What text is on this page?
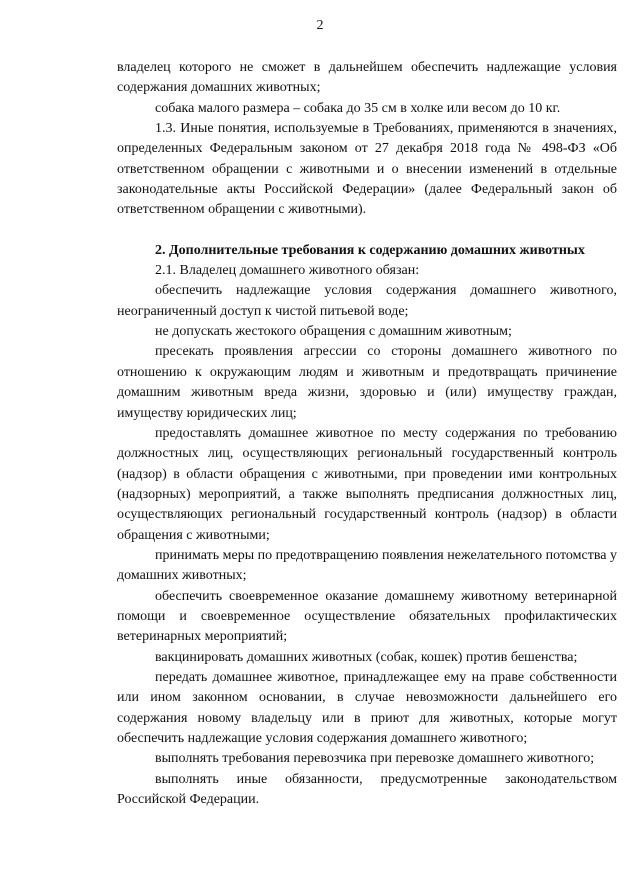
2

владелец которого не сможет в дальнейшем обеспечить надлежащие условия содержания домашних животных;

собака малого размера – собака до 35 см в холке или весом до 10 кг.

1.3. Иные понятия, используемые в Требованиях, применяются в значениях, определенных Федеральным законом от 27 декабря 2018 года № 498-ФЗ «Об ответственном обращении с животными и о внесении изменений в отдельные законодательные акты Российской Федерации» (далее Федеральный закон об ответственном обращении с животными).

2. Дополнительные требования к содержанию домашних животных

2.1. Владелец домашнего животного обязан:

обеспечить надлежащие условия содержания домашнего животного, неограниченный доступ к чистой питьевой воде;

не допускать жестокого обращения с домашним животным;

пресекать проявления агрессии со стороны домашнего животного по отношению к окружающим людям и животным и предотвращать причинение домашним животным вреда жизни, здоровью и (или) имуществу граждан, имуществу юридических лиц;

предоставлять домашнее животное по месту содержания по требованию должностных лиц, осуществляющих региональный государственный контроль (надзор) в области обращения с животными, при проведении ими контрольных (надзорных) мероприятий, а также выполнять предписания должностных лиц, осуществляющих региональный государственный контроль (надзор) в области обращения с животными;

принимать меры по предотвращению появления нежелательного потомства у домашних животных;

обеспечить своевременное оказание домашнему животному ветеринарной помощи и своевременное осуществление обязательных профилактических ветеринарных мероприятий;

вакцинировать домашних животных (собак, кошек) против бешенства;

передать домашнее животное, принадлежащее ему на праве собственности или ином законном основании, в случае невозможности дальнейшего его содержания новому владельцу или в приют для животных, которые могут обеспечить надлежащие условия содержания домашнего животного;

выполнять требования перевозчика при перевозке домашнего животного;

выполнять иные обязанности, предусмотренные законодательством Российской Федерации.
